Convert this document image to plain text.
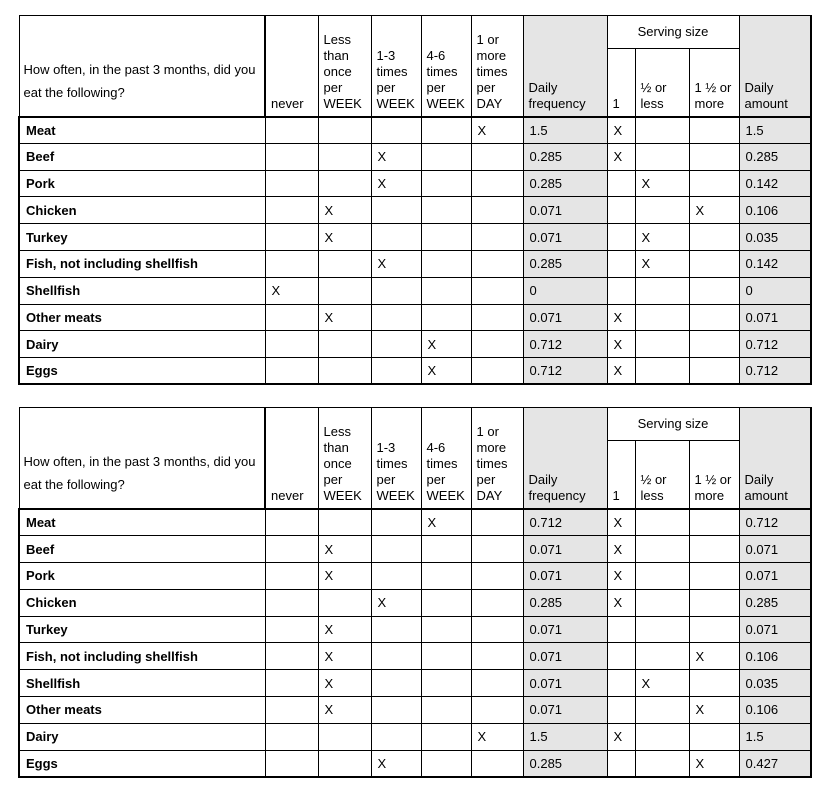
How often, in the past 3 months, did you eat the following?	never	Less than once per WEEK	1-3 times per WEEK	4-6 times per WEEK	1 or more times per DAY	Daily frequency	Serving size			Daily amount
							1	½ or less	1 ½ or more	
Meat					X	1.5	X			1.5
Beef			X			0.285	X			0.285
Pork			X			0.285		X		0.142
Chicken		X				0.071			X	0.106
Turkey		X				0.071		X		0.035
Fish, not including shellfish			X			0.285		X		0.142
Shellfish	X					0				0
Other meats		X				0.071	X			0.071
Dairy				X		0.712	X			0.712
Eggs				X		0.712	X			0.712
How often, in the past 3 months, did you eat the following?	never	Less than once per WEEK	1-3 times per WEEK	4-6 times per WEEK	1 or more times per DAY	Daily frequency	Serving size			Daily amount
							1	½ or less	1 ½ or more	
Meat				X		0.712	X			0.712
Beef		X				0.071	X			0.071
Pork		X				0.071	X			0.071
Chicken			X			0.285	X			0.285
Turkey		X				0.071				0.071
Fish, not including shellfish		X				0.071			X	0.106
Shellfish		X				0.071		X		0.035
Other meats		X				0.071			X	0.106
Dairy					X	1.5	X			1.5
Eggs			X			0.285			X	0.427
